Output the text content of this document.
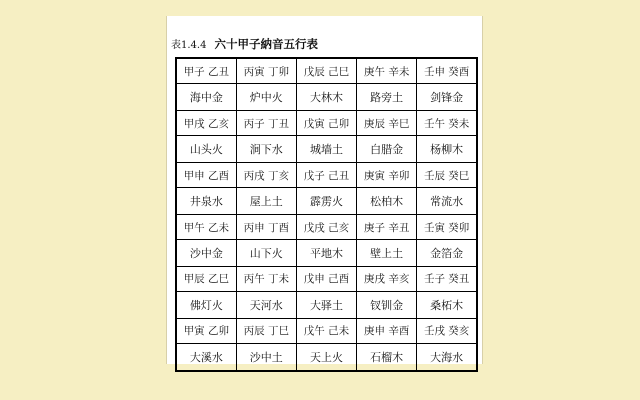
表1.4.4 六十甲子納音五行表
甲子 乙丑	丙寅 丁卯	戊辰 己巳	庚午 辛未	壬申 癸酉
海中金	炉中火	大林木	路旁土	剑锋金
甲戌 乙亥	丙子 丁丑	戊寅 己卯	庚辰 辛巳	壬午 癸未
山头火	涧下水	城墙土	白腊金	杨柳木
甲申 乙酉	丙戌 丁亥	戊子 己丑	庚寅 辛卯	壬辰 癸巳
井泉水	屋上土	霹雳火	松柏木	常流水
甲午 乙未	丙申 丁酉	戊戌 己亥	庚子 辛丑	壬寅 癸卯
沙中金	山下火	平地木	壁上土	金箔金
甲辰 乙巳	丙午 丁未	戊申 己酉	庚戌 辛亥	壬子 癸丑
佛灯火	天河水	大驿土	钗钏金	桑柘木
甲寅 乙卯	丙辰 丁巳	戊午 己未	庚申 辛酉	壬戌 癸亥
大溪水	沙中土	天上火	石榴木	大海水
